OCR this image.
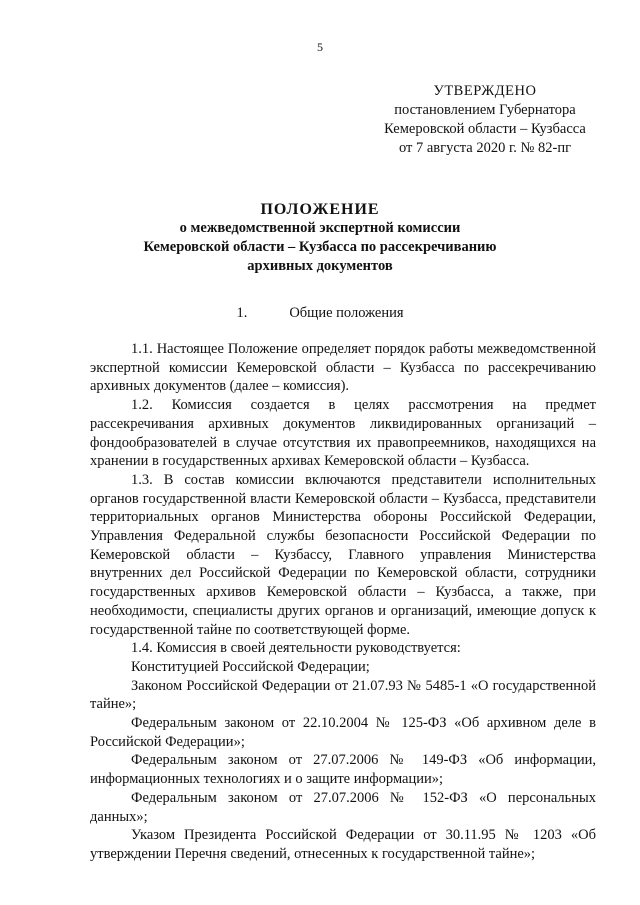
5
УТВЕРЖДЕНО
постановлением Губернатора
Кемеровской области – Кузбасса
от 7 августа 2020 г. № 82-пг
ПОЛОЖЕНИЕ
о межведомственной экспертной комиссии
Кемеровской области – Кузбасса по рассекречиванию
архивных документов
1.	Общие положения

1.1. Настоящее Положение определяет порядок работы межведомственной экспертной комиссии Кемеровской области – Кузбасса по рассекречиванию архивных документов (далее – комиссия).

1.2. Комиссия создается в целях рассмотрения на предмет рассекречивания архивных документов ликвидированных организаций – фондообразователей в случае отсутствия их правопреемников, находящихся на хранении в государственных архивах Кемеровской области – Кузбасса.

1.3. В состав комиссии включаются представители исполнительных органов государственной власти Кемеровской области – Кузбасса, представители территориальных органов Министерства обороны Российской Федерации, Управления Федеральной службы безопасности Российской Федерации по Кемеровской области – Кузбассу, Главного управления Министерства внутренних дел Российской Федерации по Кемеровской области, сотрудники государственных архивов Кемеровской области – Кузбасса, а также, при необходимости, специалисты других органов и организаций, имеющие допуск к государственной тайне по соответствующей форме.

1.4. Комиссия в своей деятельности руководствуется:

Конституцией Российской Федерации;

Законом Российской Федерации от 21.07.93 № 5485-1 «О государственной тайне»;

Федеральным законом от 22.10.2004 № 125-ФЗ «Об архивном деле в Российской Федерации»;

Федеральным законом от 27.07.2006 № 149-ФЗ «Об информации, информационных технологиях и о защите информации»;

Федеральным законом от 27.07.2006 № 152-ФЗ «О персональных данных»;

Указом Президента Российской Федерации от 30.11.95 № 1203 «Об утверждении Перечня сведений, отнесенных к государственной тайне»;
